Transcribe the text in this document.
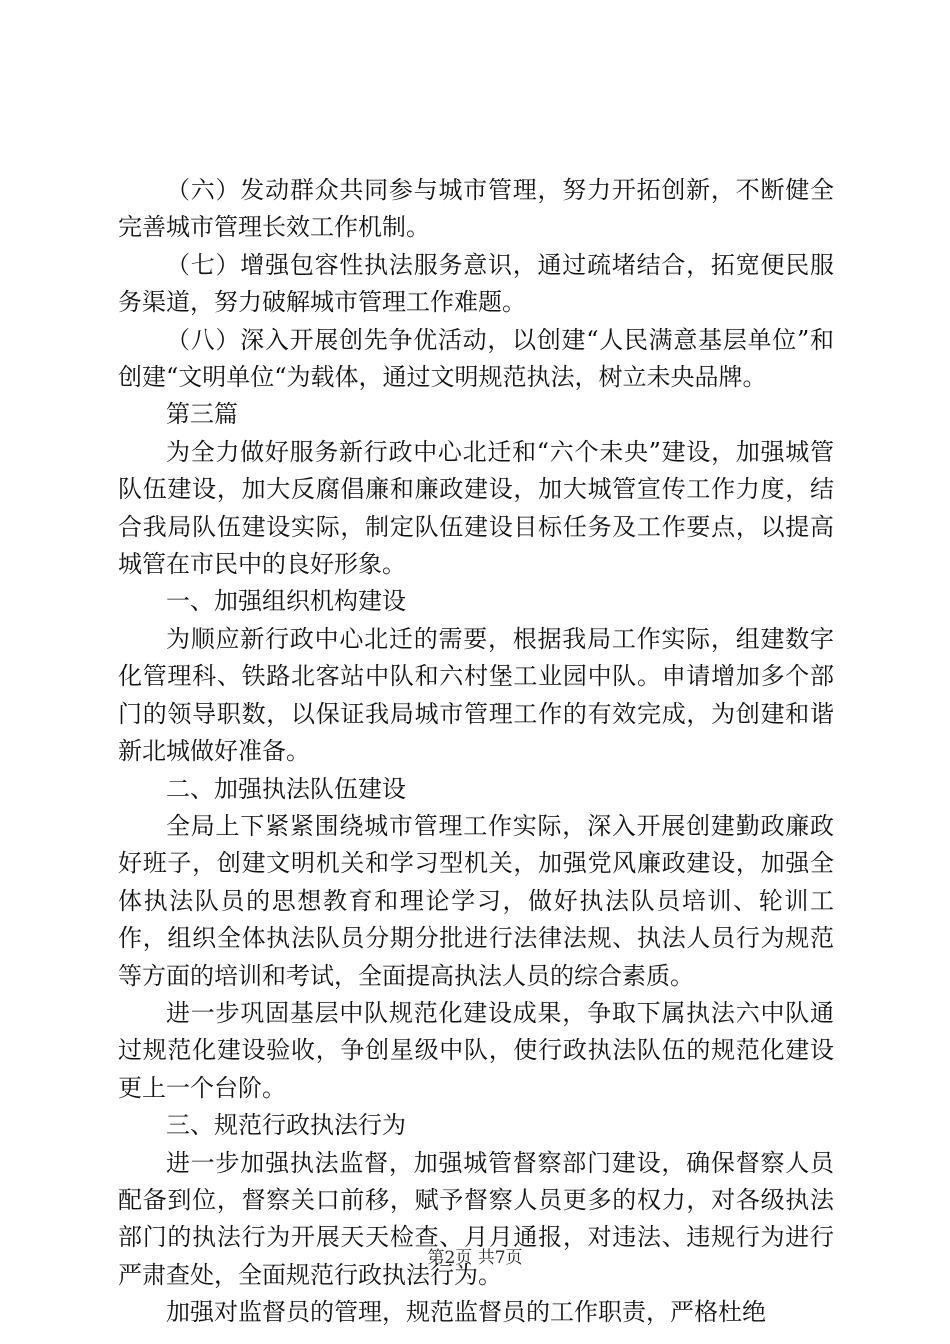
（六）发动群众共同参与城市管理，努力开拓创新，不断健全完善城市管理长效工作机制。

（七）增强包容性执法服务意识，通过疏堵结合，拓宽便民服务渠道，努力破解城市管理工作难题。

（八）深入开展创先争优活动，以创建“人民满意基层单位”和创建“文明单位“为载体，通过文明规范执法，树立未央品牌。

第三篇

为全力做好服务新行政中心北迁和“六个未央”建设，加强城管队伍建设，加大反腐倡廉和廉政建设，加大城管宣传工作力度，结合我局队伍建设实际，制定队伍建设目标任务及工作要点，以提高城管在市民中的良好形象。

一、加强组织机构建设

为顺应新行政中心北迁的需要，根据我局工作实际，组建数字化管理科、铁路北客站中队和六村堡工业园中队。申请增加多个部门的领导职数，以保证我局城市管理工作的有效完成，为创建和谐新北城做好准备。

二、加强执法队伍建设

全局上下紧紧围绕城市管理工作实际，深入开展创建勤政廉政好班子，创建文明机关和学习型机关，加强党风廉政建设，加强全体执法队员的思想教育和理论学习，做好执法队员培训、轮训工作，组织全体执法队员分期分批进行法律法规、执法人员行为规范等方面的培训和考试，全面提高执法人员的综合素质。

进一步巩固基层中队规范化建设成果，争取下属执法六中队通过规范化建设验收，争创星级中队，使行政执法队伍的规范化建设更上一个台阶。

三、规范行政执法行为

进一步加强执法监督，加强城管督察部门建设，确保督察人员配备到位，督察关口前移，赋予督察人员更多的权力，对各级执法部门的执法行为开展天天检查、月月通报，对违法、违规行为进行严肃查处，全面规范行政执法行为。

加强对监督员的管理，规范监督员的工作职责，严格杜绝

第2页 共7页
